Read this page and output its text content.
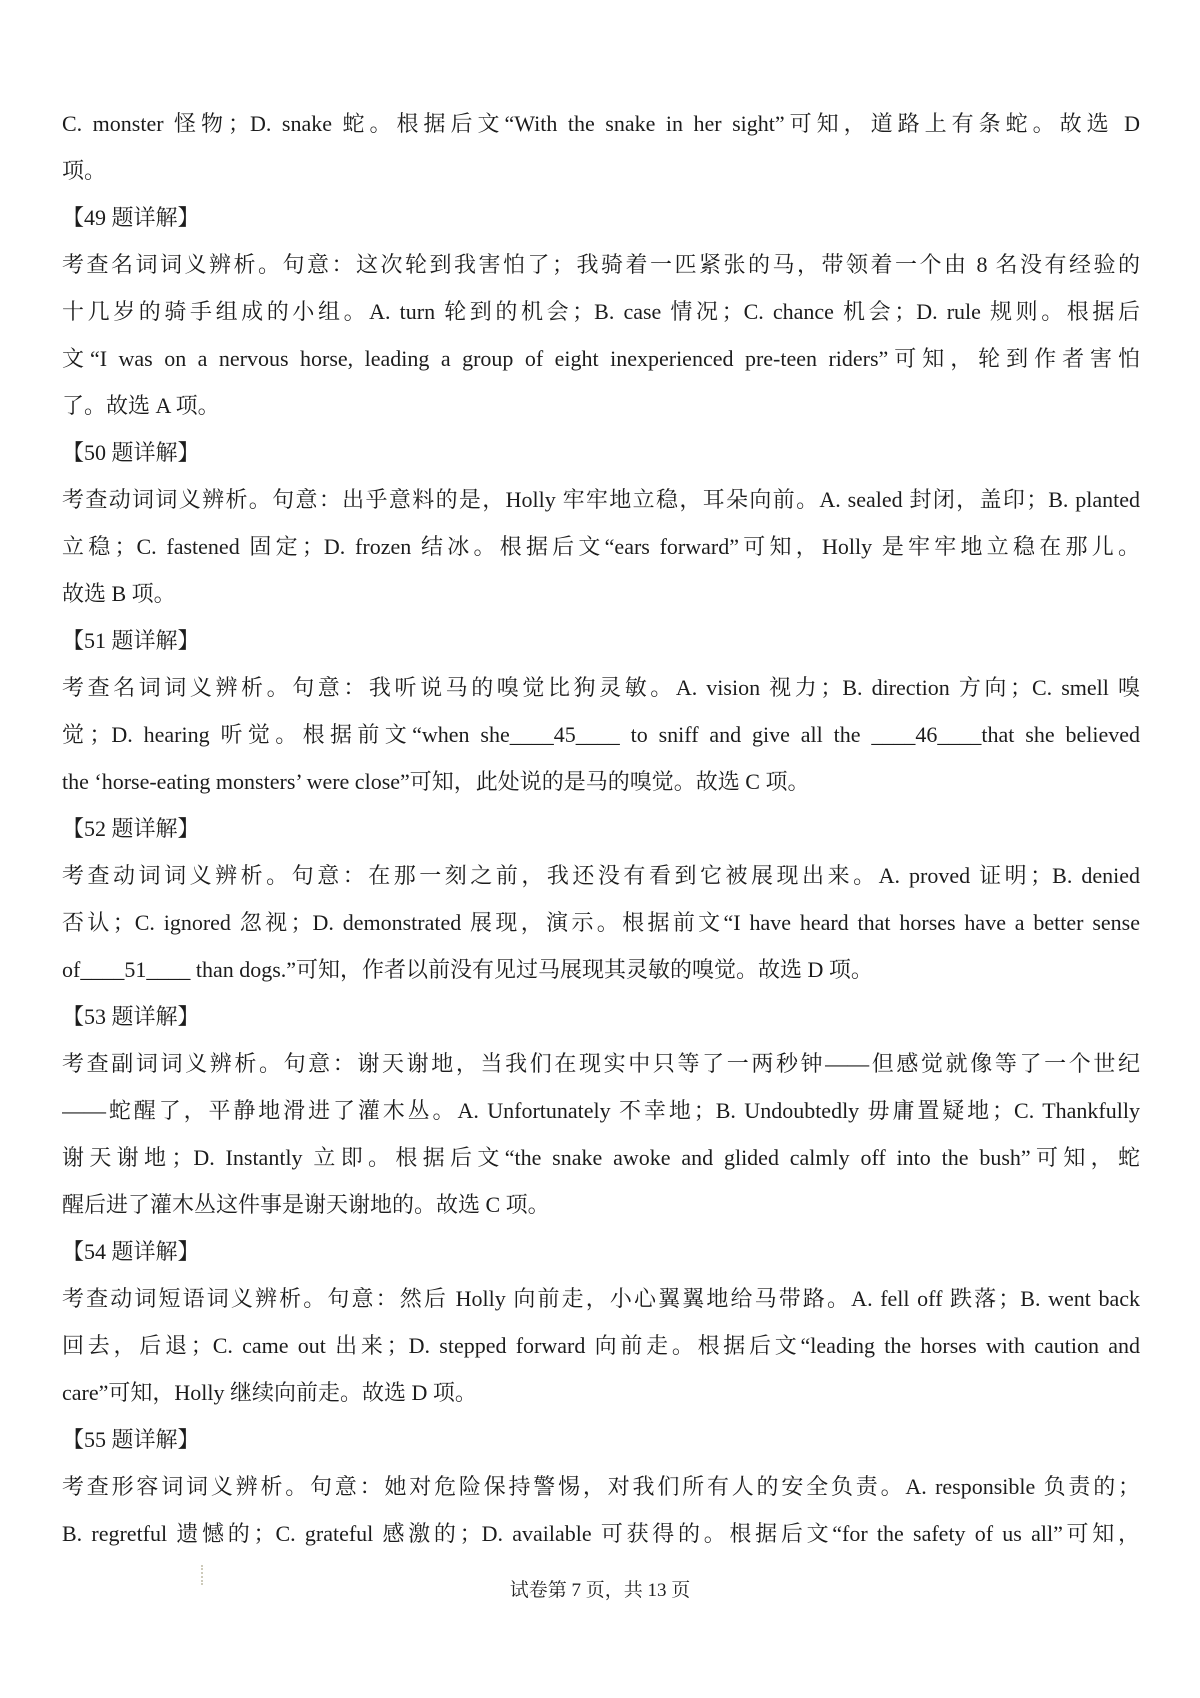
C. monster 怪物；D. snake 蛇。根据后文“With the snake in her sight”可知，道路上有条蛇。故选 D
项。
【49 题详解】
考查名词词义辨析。句意：这次轮到我害怕了；我骑着一匹紧张的马，带领着一个由 8 名没有经验的
十几岁的骑手组成的小组。A. turn 轮到的机会；B. case 情况；C. chance 机会；D. rule 规则。根据后
文“I was on a nervous horse, leading a group of eight inexperienced pre-teen riders”可知，轮到作者害怕
了。故选 A 项。
【50 题详解】
考查动词词义辨析。句意：出乎意料的是，Holly 牢牢地立稳，耳朵向前。A. sealed 封闭，盖印；B. planted
立稳；C. fastened 固定；D. frozen 结冰。根据后文“ears forward”可知，Holly 是牢牢地立稳在那儿。
故选 B 项。
【51 题详解】
考查名词词义辨析。句意：我听说马的嗅觉比狗灵敏。A. vision 视力；B. direction 方向；C. smell 嗅
觉；D. hearing 听觉。根据前文“when she____45____ to sniff and give all the ____46____that she believed
the ‘horse-eating monsters’ were close”可知，此处说的是马的嗅觉。故选 C 项。
【52 题详解】
考查动词词义辨析。句意：在那一刻之前，我还没有看到它被展现出来。A. proved 证明；B. denied
否认；C. ignored 忽视；D. demonstrated 展现，演示。根据前文“I have heard that horses have a better sense
of____51____ than dogs.”可知，作者以前没有见过马展现其灵敏的嗅觉。故选 D 项。
【53 题详解】
考查副词词义辨析。句意：谢天谢地，当我们在现实中只等了一两秒钟——但感觉就像等了一个世纪
——蛇醒了，平静地滑进了灌木丛。A. Unfortunately 不幸地；B. Undoubtedly 毋庸置疑地；C. Thankfully
谢天谢地；D. Instantly 立即。根据后文“the snake awoke and glided calmly off into the bush”可知，蛇
醒后进了灌木丛这件事是谢天谢地的。故选 C 项。
【54 题详解】
考查动词短语词义辨析。句意：然后 Holly 向前走，小心翼翼地给马带路。A. fell off 跌落；B. went back
回去，后退；C. came out 出来；D. stepped forward 向前走。根据后文“leading the horses with caution and
care”可知，Holly 继续向前走。故选 D 项。
【55 题详解】
考查形容词词义辨析。句意：她对危险保持警惕，对我们所有人的安全负责。A. responsible 负责的；
B. regretful 遗憾的；C. grateful 感激的；D. available 可获得的。根据后文“for the safety of us all”可知，
试卷第 7 页，共 13 页
